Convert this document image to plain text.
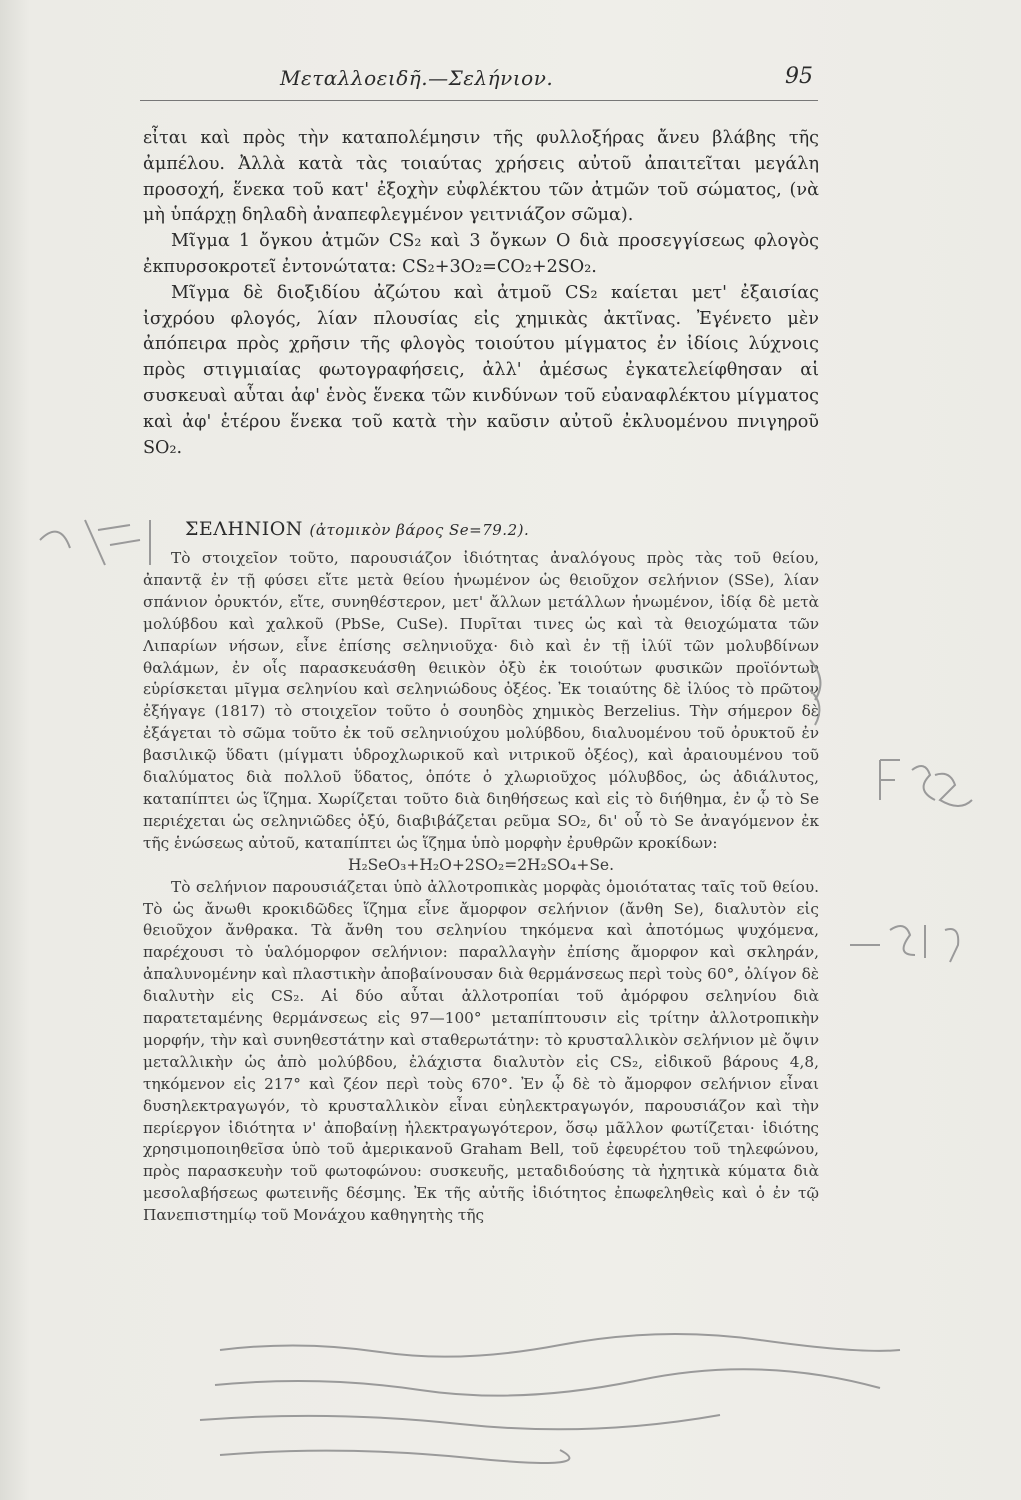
Μεταλλοειδῆ.—Σελήνιον.	95

εἶται καὶ πρὸς τὴν καταπολέμησιν τῆς φυλλοξήρας ἄνευ βλάβης τῆς ἀμπέλου. Ἀλλὰ κατὰ τὰς τοιαύτας χρήσεις αὐτοῦ ἀπαιτεῖται μεγάλη προσοχή, ἕνεκα τοῦ κατ' ἐξοχὴν εὐφλέκτου τῶν ἀτμῶν τοῦ σώματος, (νὰ μὴ ὑπάρχῃ δηλαδὴ ἀναπεφλεγμένον γειτνιάζον σῶμα).

Μῖγμα 1 ὄγκου ἀτμῶν CS₂ καὶ 3 ὄγκων O διὰ προσεγγίσεως φλογὸς ἐκπυρσοκροτεῖ ἐντονώτατα: CS₂+3O₂=CO₂+2SO₂.

Μῖγμα δὲ διοξιδίου ἀζώτου καὶ ἀτμοῦ CS₂ καίεται μετ' ἐξαισίας ἰσχρόου φλογός, λίαν πλουσίας εἰς χημικὰς ἀκτῖνας. Ἐγένετο μὲν ἀπόπειρα πρὸς χρῆσιν τῆς φλογὸς τοιούτου μίγματος ἐν ἰδίοις λύχνοις πρὸς στιγμιαίας φωτογραφήσεις, ἀλλ' ἀμέσως ἐγκατελείφθησαν αἱ συσκευαὶ αὗται ἀφ' ἑνὸς ἕνεκα τῶν κινδύνων τοῦ εὐαναφλέκτου μίγματος καὶ ἀφ' ἑτέρου ἕνεκα τοῦ κατὰ τὴν καῦσιν αὐτοῦ ἐκλυομένου πνιγηροῦ SO₂.

ΣΕΛΗΝΙΟΝ (ἀτομικὸν βάρος Se=79.2).

Τὸ στοιχεῖον τοῦτο, παρουσιάζον ἰδιότητας ἀναλόγους πρὸς τὰς τοῦ θείου, ἀπαντᾷ ἐν τῇ φύσει εἴτε μετὰ θείου ἡνωμένον ὡς θειοῦχον σελήνιον (SSe), λίαν σπάνιον ὀρυκτόν, εἴτε, συνηθέστερον, μετ' ἄλλων μετάλλων ἡνωμένον, ἰδίᾳ δὲ μετὰ μολύβδου καὶ χαλκοῦ (PbSe, CuSe). Πυρῖται τινες ὡς καὶ τὰ θειοχώματα τῶν Λιπαρίων νήσων, εἶνε ἐπίσης σεληνιοῦχα· διὸ καὶ ἐν τῇ ἰλύϊ τῶν μολυβδίνων θαλάμων, ἐν οἷς παρασκευάσθη θειικὸν ὀξὺ ἐκ τοιούτων φυσικῶν προϊόντων εὑρίσκεται μῖγμα σεληνίου καὶ σεληνιώδους ὀξέος. Ἐκ τοιαύτης δὲ ἰλύος τὸ πρῶτον ἐξήγαγε (1817) τὸ στοιχεῖον τοῦτο ὁ σουηδὸς χημικὸς Berzelius. Τὴν σήμερον δὲ ἐξάγεται τὸ σῶμα τοῦτο ἐκ τοῦ σεληνιούχου μολύβδου, διαλυομένου τοῦ ὀρυκτοῦ ἐν βασιλικῷ ὕδατι (μίγματι ὑδροχλωρικοῦ καὶ νιτρικοῦ ὀξέος), καὶ ἀραιουμένου τοῦ διαλύματος διὰ πολλοῦ ὕδατος, ὁπότε ὁ χλωριοῦχος μόλυβδος, ὡς ἀδιάλυτος, καταπίπτει ὡς ἵζημα. Χωρίζεται τοῦτο διὰ διηθήσεως καὶ εἰς τὸ διήθημα, ἐν ᾧ τὸ Se περιέχεται ὡς σεληνιῶδες ὀξύ, διαβιβάζεται ρεῦμα SO₂, δι' οὗ τὸ Se ἀναγόμενον ἐκ τῆς ἑνώσεως αὐτοῦ, καταπίπτει ὡς ἵζημα ὑπὸ μορφὴν ἐρυθρῶν κροκίδων:

H₂SeO₃+H₂O+2SO₂=2H₂SO₄+Se.

Τὸ σελήνιον παρουσιάζεται ὑπὸ ἀλλοτροπικὰς μορφὰς ὁμοιότατας ταῖς τοῦ θείου. Τὸ ὡς ἄνωθι κροκιδῶδες ἵζημα εἶνε ἄμορφον σελήνιον (ἄνθη Se), διαλυτὸν εἰς θειοῦχον ἄνθρακα. Τὰ ἄνθη του σεληνίου τηκόμενα καὶ ἀποτόμως ψυχόμενα, παρέχουσι τὸ ὑαλόμορφον σελήνιον: παραλλαγὴν ἐπίσης ἄμορφον καὶ σκληράν, ἀπαλυνομένην καὶ πλαστικὴν ἀποβαίνουσαν διὰ θερμάνσεως περὶ τοὺς 60°, ὀλίγον δὲ διαλυτὴν εἰς CS₂. Αἱ δύο αὗται ἀλλοτροπίαι τοῦ ἀμόρφου σεληνίου διὰ παρατεταμένης θερμάνσεως εἰς 97—100° μεταπίπτουσιν εἰς τρίτην ἀλλοτροπικὴν μορφήν, τὴν καὶ συνηθεστάτην καὶ σταθερωτάτην: τὸ κρυσταλλικὸν σελήνιον μὲ ὄψιν μεταλλικὴν ὡς ἀπὸ μολύβδου, ἐλάχιστα διαλυτὸν εἰς CS₂, εἰδικοῦ βάρους 4,8, τηκόμενον εἰς 217° καὶ ζέον περὶ τοὺς 670°. Ἐν ᾧ δὲ τὸ ἄμορφον σελήνιον εἶναι δυσηλεκτραγωγόν, τὸ κρυσταλλικὸν εἶναι εὐηλεκτραγωγόν, παρουσιάζον καὶ τὴν περίεργον ἰδιότητα ν' ἀποβαίνῃ ἠλεκτραγωγότερον, ὅσῳ μᾶλλον φωτίζεται· ἰδιότης χρησιμοποιηθεῖσα ὑπὸ τοῦ ἀμερικανοῦ Graham Bell, τοῦ ἐφευρέτου τοῦ τηλεφώνου, πρὸς παρασκευὴν τοῦ φωτοφώνου: συσκευῆς, μεταδιδούσης τὰ ἠχητικὰ κύματα διὰ μεσολαβήσεως φωτεινῆς δέσμης. Ἐκ τῆς αὐτῆς ἰδιότητος ἐπωφεληθεὶς καὶ ὁ ἐν τῷ Πανεπιστημίῳ τοῦ Μονάχου καθηγητὴς τῆς
